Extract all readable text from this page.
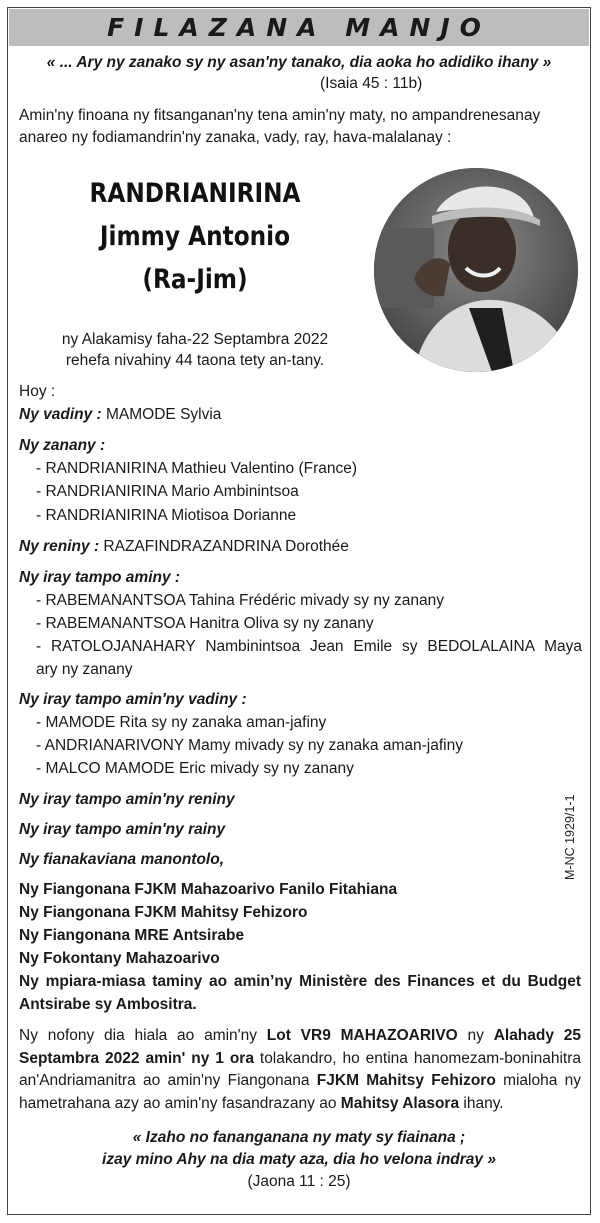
FILAZANA MANJO
« ... Ary ny zanako sy ny asan'ny tanako, dia aoka ho adidiko ihany »
(Isaia 45 : 11b)
Amin'ny finoana ny fitsanganan'ny tena amin'ny maty, no ampandrenesanay
anareo ny fodiamandrin'ny zanaka, vady, ray, hava-malalanay :
RANDRIANIRINA
Jimmy Antonio
(Ra-Jim)
ny Alakamisy faha-22 Septambra 2022
rehefa nivahiny 44 taona tety an-tany.
Hoy :
Ny vadiny : MAMODE Sylvia
Ny zanany :
- RANDRIANIRINA Mathieu Valentino (France)
- RANDRIANIRINA Mario Ambinintsoa
- RANDRIANIRINA Miotisoa Dorianne
Ny reniny : RAZAFINDRAZANDRINA Dorothée
Ny iray tampo aminy :
- RABEMANANTSOA Tahina Frédéric mivady sy ny zanany
- RABEMANANTSOA Hanitra Oliva sy ny zanany
- RATOLOJANAHARY Nambinintsoa Jean Emile sy BEDOLALAINA Maya
ary ny zanany
Ny iray tampo amin'ny vadiny :
- MAMODE Rita sy ny zanaka aman-jafiny
- ANDRIANARIVONY Mamy mivady sy ny zanaka aman-jafiny
- MALCO MAMODE Eric mivady sy ny zanany
Ny iray tampo amin'ny reniny
Ny iray tampo amin'ny rainy
Ny fianakaviana manontolo,	M-NC 1929/1-1
Ny Fiangonana FJKM Mahazoarivo Fanilo Fitahiana
Ny Fiangonana FJKM Mahitsy Fehizoro
Ny Fiangonana MRE Antsirabe
Ny Fokontany Mahazoarivo
Ny mpiara-miasa taminy ao amin’ny Ministère des Finances et du Budget
Antsirabe sy Ambositra.
Ny nofony dia hiala ao amin'ny Lot VR9 MAHAZOARIVO ny Alahady 25 Septambra 2022 amin' ny 1 ora tolakandro, ho entina hanomezam-boninahitra an'Andriamanitra ao amin'ny Fiangonana FJKM Mahitsy Fehizoro mialoha ny hametrahana azy ao amin'ny fasandrazany ao Mahitsy Alasora ihany.
« Izaho no fananganana ny maty sy fiainana ;
izay mino Ahy na dia maty aza, dia ho velona indray »
(Jaona 11 : 25)
